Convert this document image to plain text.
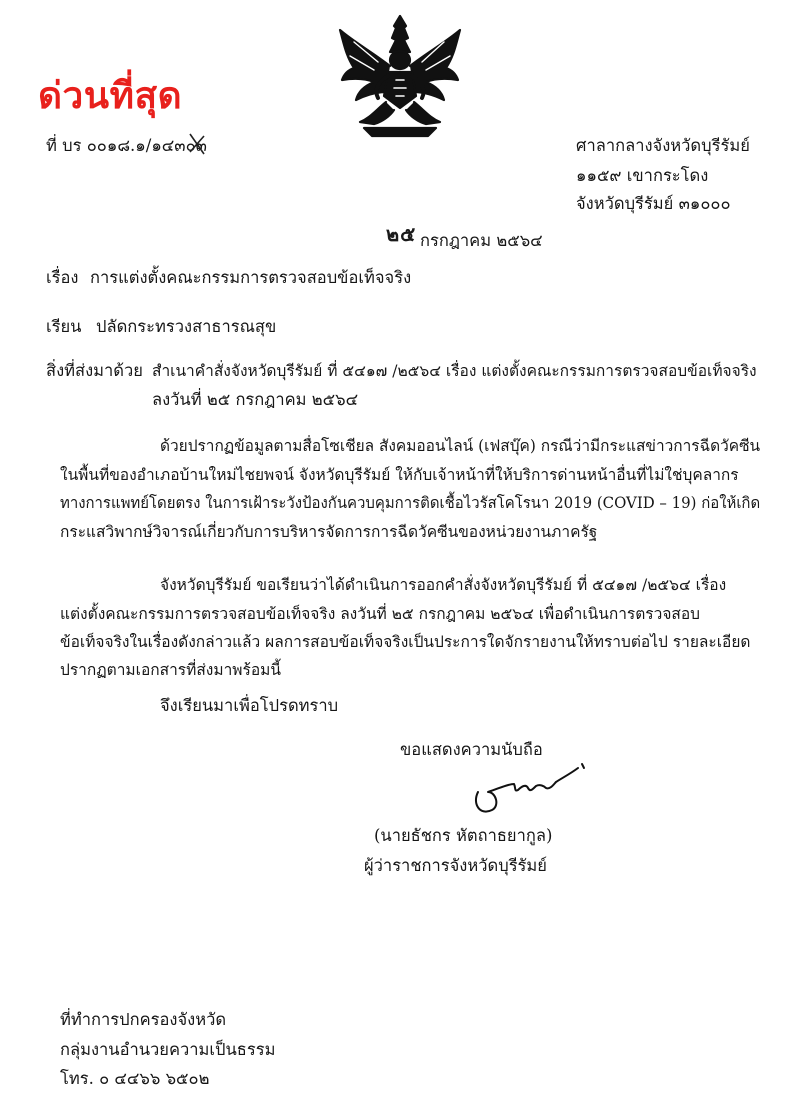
ด่วนที่สุด
ที่ บร ๐๐๑๘.๑/๑๔๓๐๓	ศาลากลางจังหวัดบุรีรัมย์
๑๑๕๙ เขากระโดง
จังหวัดบุรีรัมย์ ๓๑๐๐๐
๒๕ กรกฎาคม ๒๕๖๔
เรื่อง การแต่งตั้งคณะกรรมการตรวจสอบข้อเท็จจริง
เรียน ปลัดกระทรวงสาธารณสุข
สิ่งที่ส่งมาด้วย สำเนาคำสั่งจังหวัดบุรีรัมย์ ที่ ๕๔๑๗ /๒๕๖๔ เรื่อง แต่งตั้งคณะกรรมการตรวจสอบข้อเท็จจริง
ลงวันที่ ๒๕ กรกฎาคม ๒๕๖๔
ด้วยปรากฏข้อมูลตามสื่อโซเชียล สังคมออนไลน์ (เฟสบุ๊ค) กรณีว่ามีกระแสข่าวการฉีดวัคซีน
ในพื้นที่ของอำเภอบ้านใหม่ไชยพจน์ จังหวัดบุรีรัมย์ ให้กับเจ้าหน้าที่ให้บริการด่านหน้าอื่นที่ไม่ใช่บุคลากร
ทางการแพทย์โดยตรง ในการเฝ้าระวังป้องกันควบคุมการติดเชื้อไวรัสโคโรนา 2019 (COVID – 19) ก่อให้เกิด
กระแสวิพากษ์วิจารณ์เกี่ยวกับการบริหารจัดการการฉีดวัคซีนของหน่วยงานภาครัฐ
จังหวัดบุรีรัมย์ ขอเรียนว่าได้ดำเนินการออกคำสั่งจังหวัดบุรีรัมย์ ที่ ๕๔๑๗ /๒๕๖๔ เรื่อง
แต่งตั้งคณะกรรมการตรวจสอบข้อเท็จจริง ลงวันที่ ๒๕ กรกฎาคม ๒๕๖๔ เพื่อดำเนินการตรวจสอบ
ข้อเท็จจริงในเรื่องดังกล่าวแล้ว ผลการสอบข้อเท็จจริงเป็นประการใดจักรายงานให้ทราบต่อไป รายละเอียด
ปรากฏตามเอกสารที่ส่งมาพร้อมนี้
จึงเรียนมาเพื่อโปรดทราบ
ขอแสดงความนับถือ
(นายธัชกร หัตถาธยากูล)
ผู้ว่าราชการจังหวัดบุรีรัมย์
ที่ทำการปกครองจังหวัด
กลุ่มงานอำนวยความเป็นธรรม
โทร. ๐ ๔๔๖๖ ๖๕๐๒
